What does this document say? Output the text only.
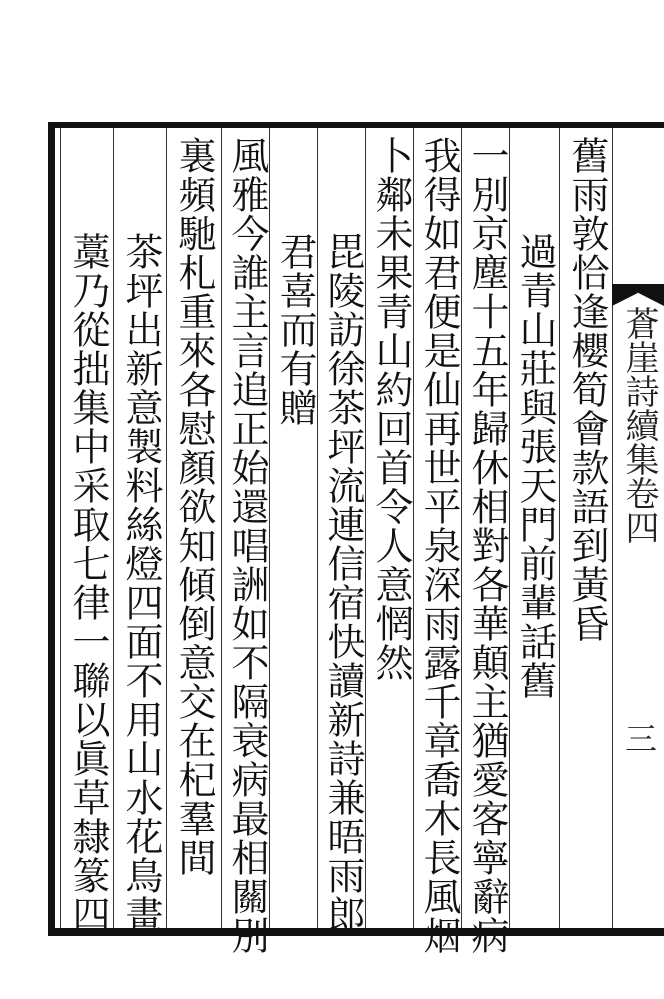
蒼崖詩續集卷四
三
舊雨敦恰逢櫻筍會款語到黃昏
過青山莊與張天門前輩話舊
一別京塵十五年歸休相對各華顛主猶愛客寧辭病
我得如君便是仙再世平泉深雨露千章喬木長風烟
卜鄰未果青山約回首令人意惘然
毘陵訪徐茶坪流連信宿快讀新詩兼晤雨郎
君喜而有贈
風雅今誰主言追正始還唱詶如不隔衰病最相關別
裏頻馳札重來各慰顏欲知傾倒意交在杞羣間
茶坪出新意製料絲燈四面不用山水花鳥畫
藁乃從拙集中采取七律一聯以眞草隸篆四
